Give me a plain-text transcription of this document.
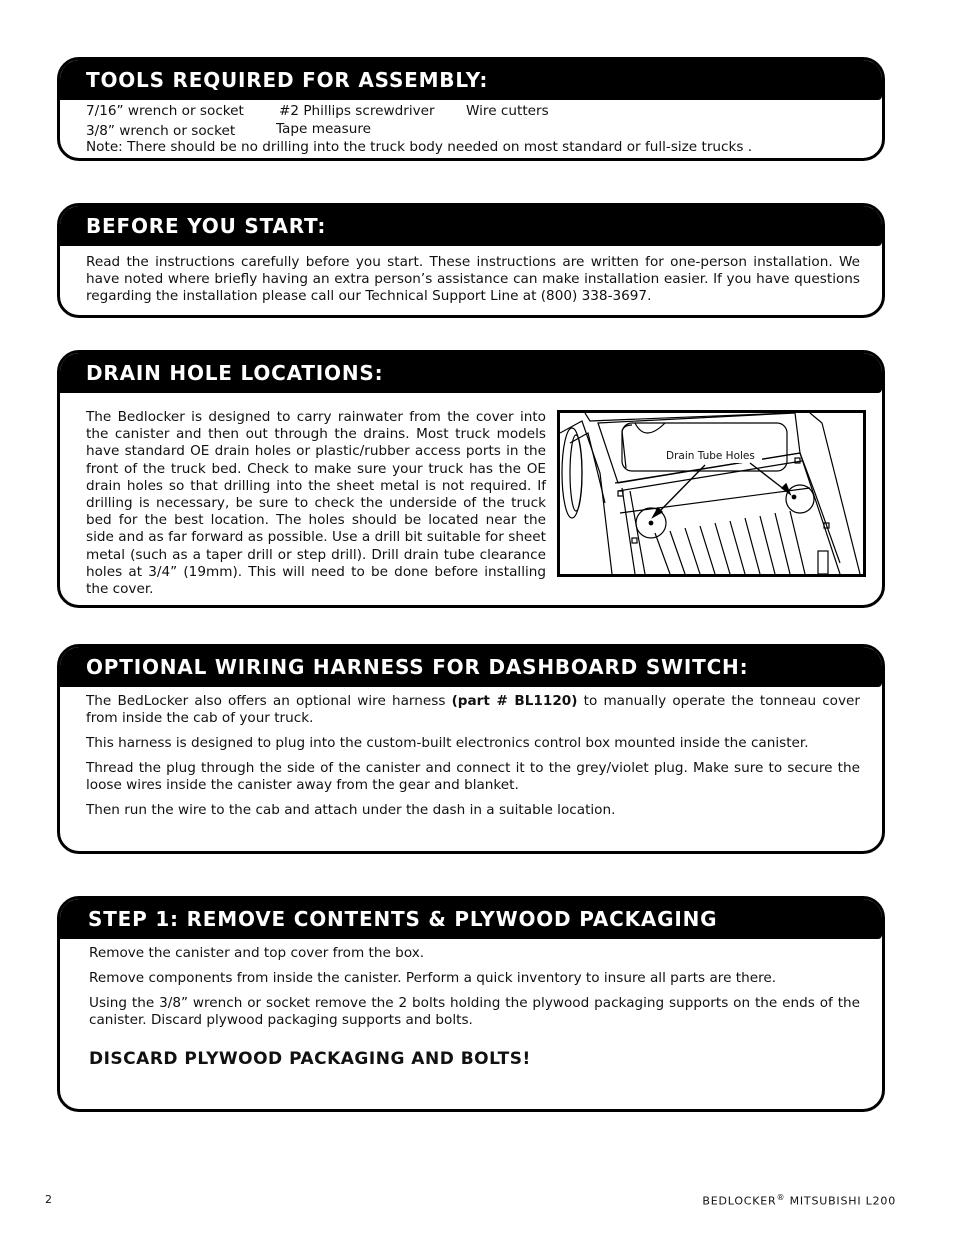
TOOLS REQUIRED FOR ASSEMBLY:
7/16” wrench or socket	#2 Phillips screwdriver Wire cutters
3/8” wrench or socket	Tape measure
Note: There should be no drilling into the truck body needed on most standard or full-size trucks .
BEFORE YOU START:

Read the instructions carefully before you start. These instructions are written for one-person installation. We have noted where briefly having an extra person’s assistance can make installation easier. If you have questions regarding the installation please call our Technical Support Line at (800) 338-3697.

DRAIN HOLE LOCATIONS:
The Bedlocker is designed to carry rainwater from the cover into the canister and then out through the drains. Most truck models have standard OE drain holes or plastic/rubber access ports in the front of the truck bed. Check to make sure your truck has the OE drain holes so that drilling into the sheet metal is not required. If drilling is necessary, be sure to check the underside of the truck bed for the best location. The holes should be located near the side and as far forward as possible. Use a drill bit suitable for sheet metal (such as a taper drill or step drill). Drill drain tube clearance holes at 3/4” (19mm). This will need to be done before installing the cover.
Drain Tube Holes
OPTIONAL WIRING HARNESS FOR DASHBOARD SWITCH:

The BedLocker also offers an optional wire harness (part # BL1120) to manually operate the tonneau cover from inside the cab of your truck.

This harness is designed to plug into the custom-built electronics control box mounted inside the canister.

Thread the plug through the side of the canister and connect it to the grey/violet plug. Make sure to secure the loose wires inside the canister away from the gear and blanket.

Then run the wire to the cab and attach under the dash in a suitable location.

STEP 1: REMOVE CONTENTS & PLYWOOD PACKAGING

Remove the canister and top cover from the box.

Remove components from inside the canister. Perform a quick inventory to insure all parts are there.

Using the 3/8” wrench or socket remove the 2 bolts holding the plywood packaging supports on the ends of the canister. Discard plywood packaging supports and bolts.

DISCARD PLYWOOD PACKAGING AND BOLTS!
2	BEDLOCKER® MITSUBISHI L200
